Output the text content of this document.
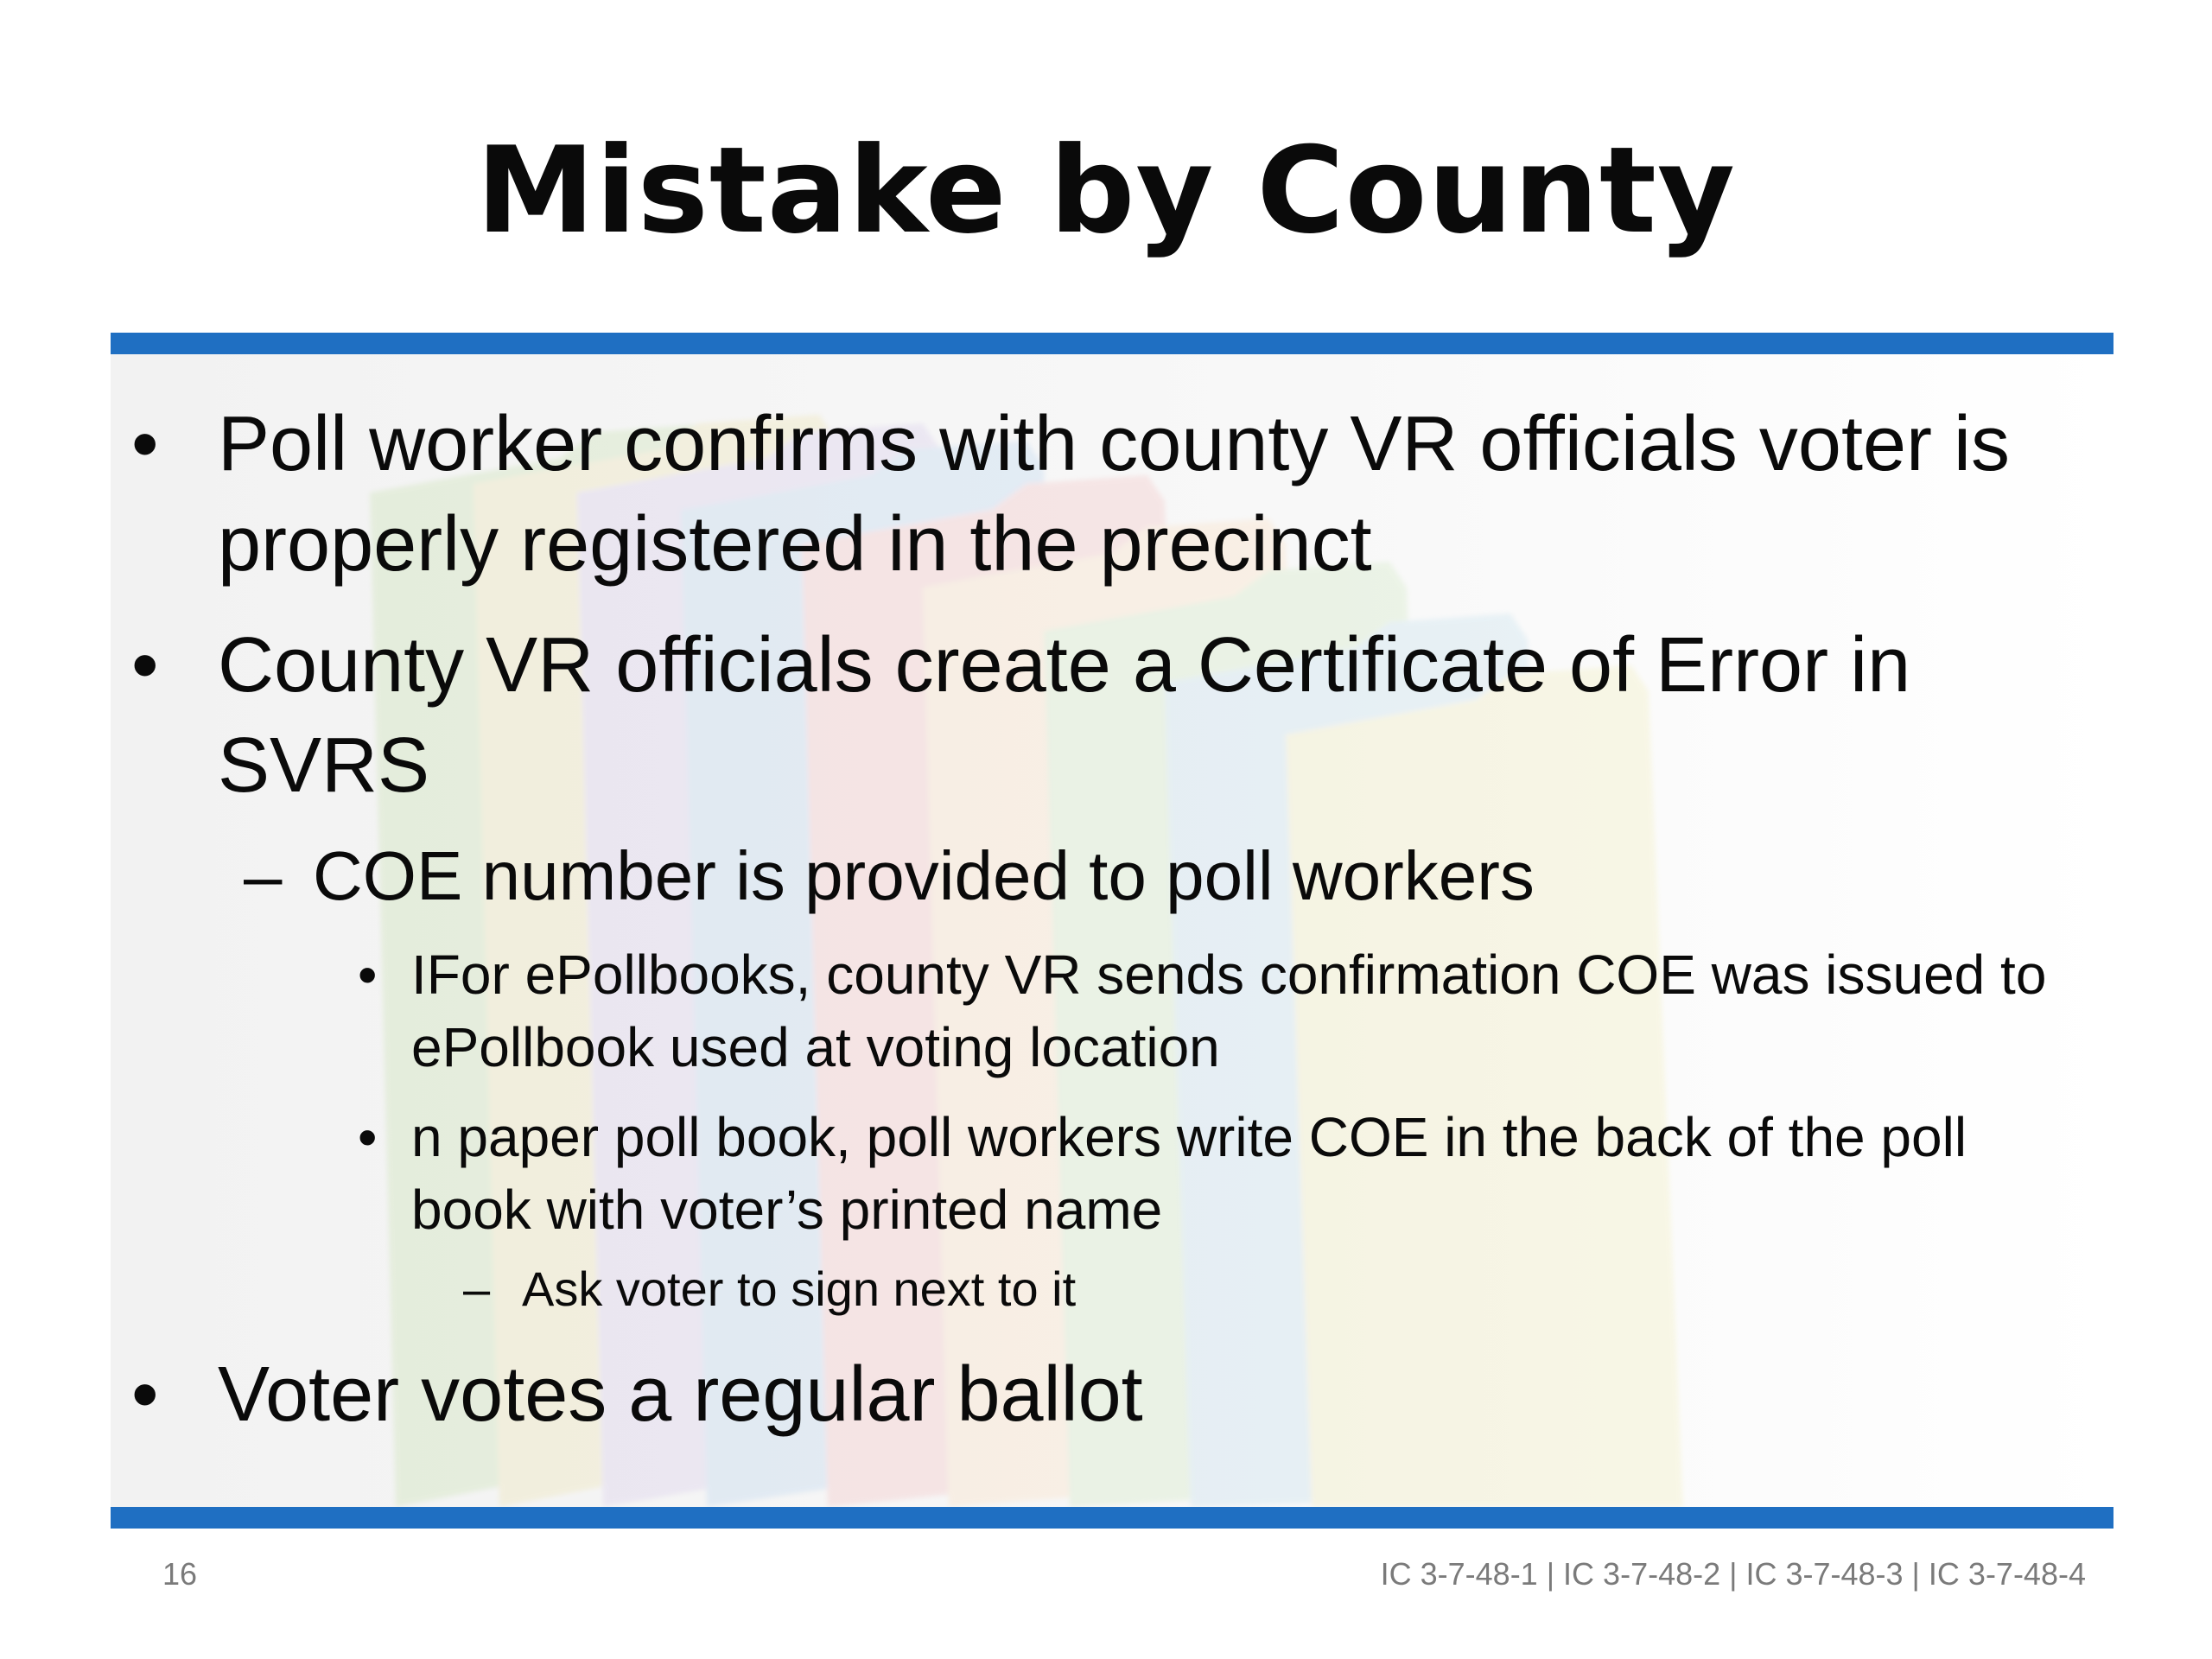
Mistake by County
• Poll worker confirms with county VR officials voter is properly registered in the precinct
• County VR officials create a Certificate of Error in SVRS
– COE number is provided to poll workers
• IFor ePollbooks, county VR sends confirmation COE was issued to ePollbook used at voting location
• n paper poll book, poll workers write COE in the back of the poll book with voter’s printed name
– Ask voter to sign next to it
• Voter votes a regular ballot
16	IC 3-7-48-1 | IC 3-7-48-2 | IC 3-7-48-3 | IC 3-7-48-4
